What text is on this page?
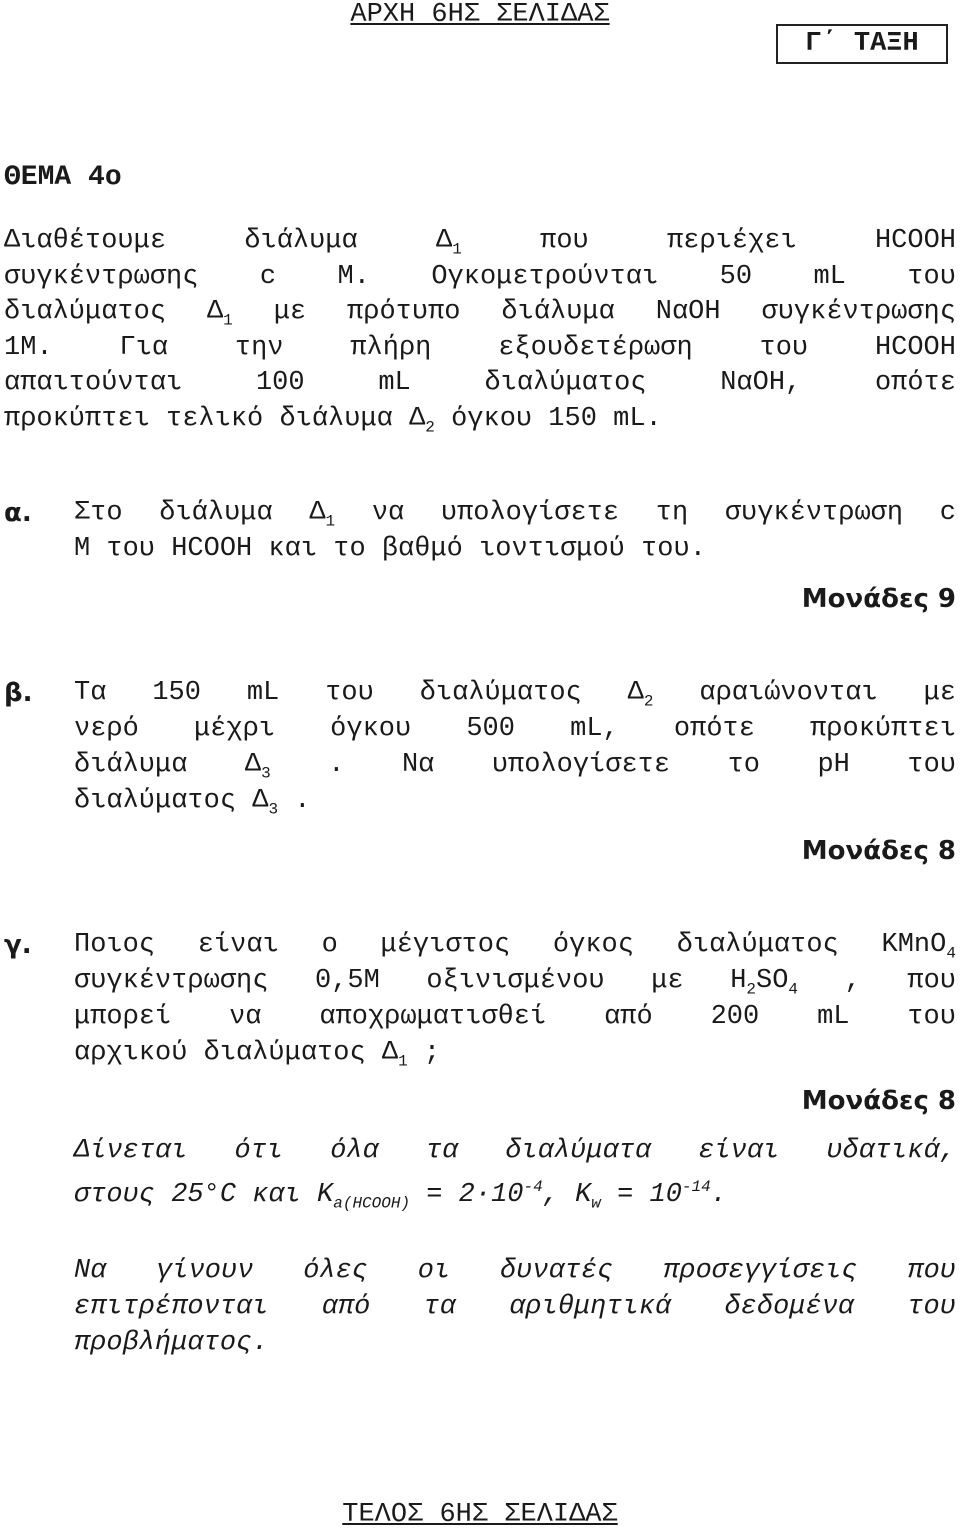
ΑΡΧΗ 6ΗΣ ΣΕΛΙΔΑΣ
Γ΄ ΤΑΞΗ
ΘΕΜΑ 4ο
Διαθέτουμε	διάλυμα	$\Delta_1$	που	περιέχει	HCOOH
συγκέντρωσης c M. Ογκομετρούνται 50 mL του
διαλύματος $\Delta_1$ με πρότυπο διάλυμα NαOH συγκέντρωσης
1M. Για την πλήρη εξουδετέρωση του HCOOH
απαιτούνται	100	mL	διαλύματος	NαOH,	οπότε
προκύπτει τελικό διάλυμα $\Delta_2$ όγκου 150 mL.
α. Στο διάλυμα $\Delta_1$ να υπολογίσετε τη συγκέντρωση c
M του HCOOH και το βαθμό ιοντισμού του.
Μονάδες 9
β. Τα 150 mL του διαλύματος $\Delta_2$ αραιώνονται με
νερό μέχρι όγκου 500 mL, οπότε προκύπτει
διάλυμα $\Delta_3$ . Να υπολογίσετε το pH του
διαλύματος $\Delta_3$ .
Μονάδες 8
γ. Ποιος είναι ο μέγιστος όγκος διαλύματος KMnO$_4$
συγκέντρωσης 0,5M οξινισμένου με $H_2SO_4$ , που
μπορεί να αποχρωματισθεί από 200 mL του
αρχικού διαλύματος $\Delta_1$ ;
Μονάδες 8
Δίνεται ότι όλα τα διαλύματα είναι υδατικά,
στους 25°C και $K_{a(HCOOH)} = 2\cdot 10^{-4}$, $K_w = 10^{-14}$.
Να γίνουν όλες οι δυνατές προσεγγίσεις που
επιτρέπονται από τα αριθμητικά δεδομένα του
προβλήματος.
ΤΕΛΟΣ 6ΗΣ ΣΕΛΙΔΑΣ
